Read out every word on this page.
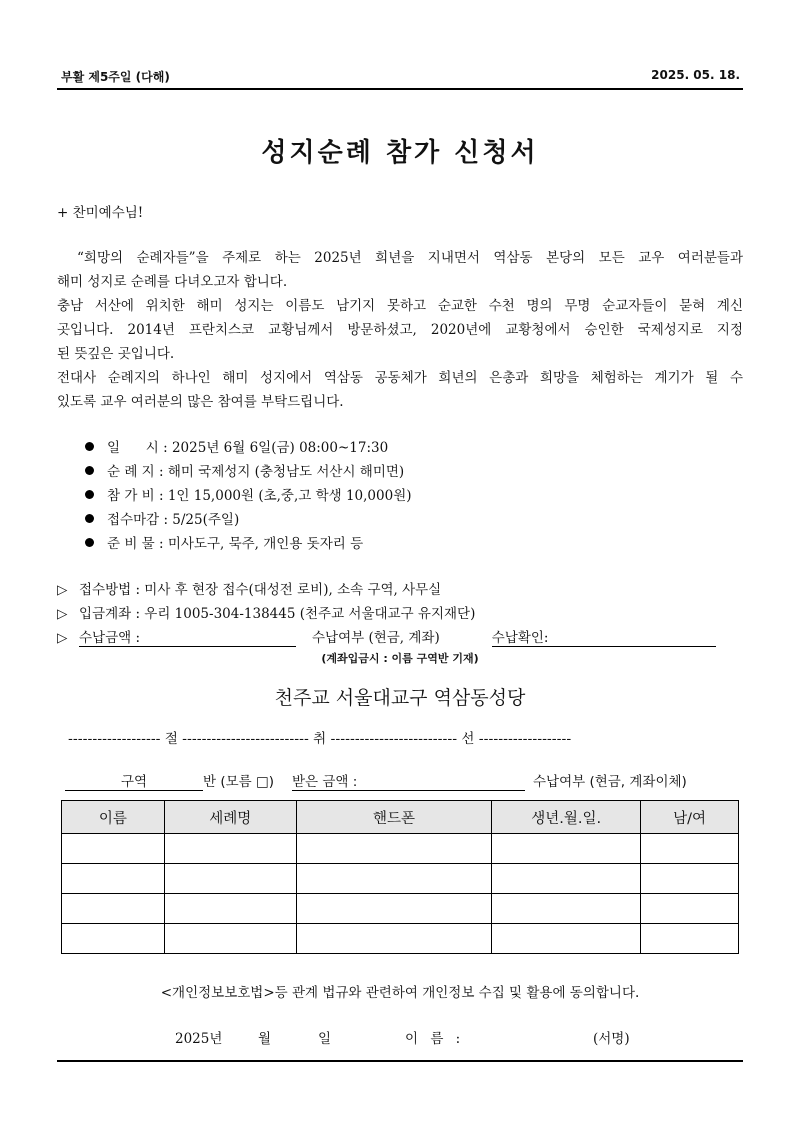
부활 제5주일 (다해)	2025. 05. 18.
성지순례 참가 신청서
+ 찬미예수님!
“희망의 순례자들”을 주제로 하는 2025년 희년을 지내면서 역삼동 본당의 모든 교우 여러분들과
해미 성지로 순례를 다녀오고자 합니다.
충남 서산에 위치한 해미 성지는 이름도 남기지 못하고 순교한 수천 명의 무명 순교자들이 묻혀 계신
곳입니다. 2014년 프란치스코 교황님께서 방문하셨고, 2020년에 교황청에서 승인한 국제성지로 지정
된 뜻깊은 곳입니다.
전대사 순례지의 하나인 해미 성지에서 역삼동 공동체가 희년의 은총과 희망을 체험하는 계기가 될 수
있도록 교우 여러분의 많은 참여를 부탁드립니다.
일      시 : 2025년 6월 6일(금) 08:00~17:30
순 례 지 : 해미 국제성지 (충청남도 서산시 해미면)
참 가 비 : 1인 15,000원 (초,중,고 학생 10,000원)
접수마감 : 5/25(주일)
준 비 물 : 미사도구, 묵주, 개인용 돗자리 등
▷ 접수방법 : 미사 후 현장 접수(대성전 로비), 소속 구역, 사무실
▷ 입금계좌 : 우리 1005-304-138445 (천주교 서울대교구 유지재단)
▷ 수납금액 :	수납여부 (현금, 계좌)	수납확인:
(계좌입금시 : 이름 구역반 기재)
천주교 서울대교구 역삼동성당
------------------- 절 -------------------------- 취 -------------------------- 선 -------------------
구역	반 (모름 □) 받은 금액 :	수납여부 (현금, 계좌이체)
이름	세례명	핸드폰	생년.월.일.	남/여

<개인정보보호법>등 관계 법규와 관련하여 개인정보 수집 및 활용에 동의합니다.
2025년	월	일	이 름 :	(서명)
